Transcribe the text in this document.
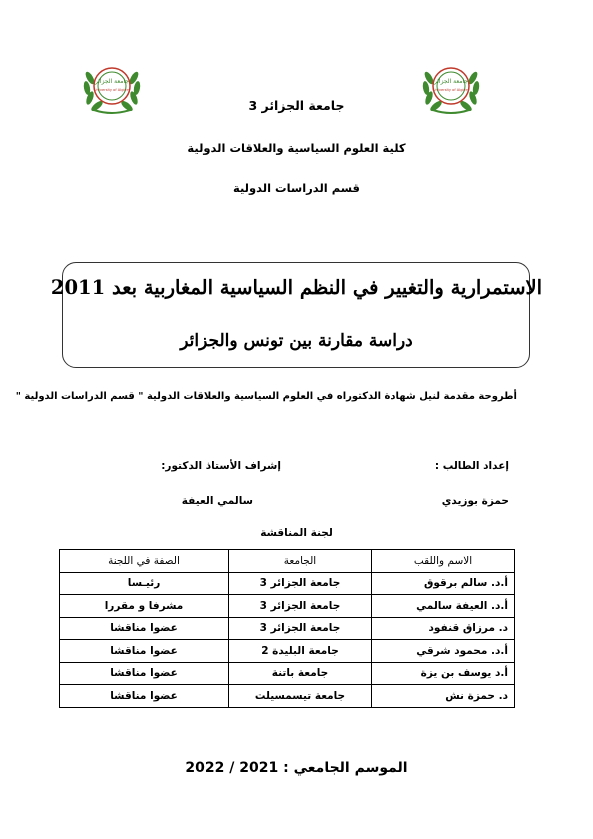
جامعة الجزائر
University of Algiers
جامعة الجزائر
University of Algiers
جامعة الجزائر 3
كلية العلوم السياسية والعلاقات الدولية
قسم الدراسات الدولية
الاستمرارية والتغيير في النظم السياسية المغاربية بعد 2011
دراسة مقارنة بين تونس والجزائر
أطروحة مقدمة لنيل شهادة الدكتوراه في العلوم السياسية والعلاقات الدولية " قسم الدراسات الدولية "
إعداد الطالب :
إشراف الأستاذ الدكتور:
حمزة بوزيدي
سالمي العيفة
لجنة المناقشة
الاسم واللقب	الجامعة	الصفة في اللجنة
أ.د. سالم برقوق	جامعة الجزائر 3	رئيـسا
أ.د. العيفة سالمي	جامعة الجزائر 3	مشرفا و مقررا
د. مرزاق قنفود	جامعة الجزائر 3	عضوا مناقشا
أ.د. محمود شرقي	جامعة البليدة 2	عضوا مناقشا
أ.د يوسف بن يزة	جامعة باتنة	عضوا مناقشا
د. حمزة نش	جامعة تيسمسيلت	عضوا مناقشا
الموسم الجامعي : 2021 / 2022
